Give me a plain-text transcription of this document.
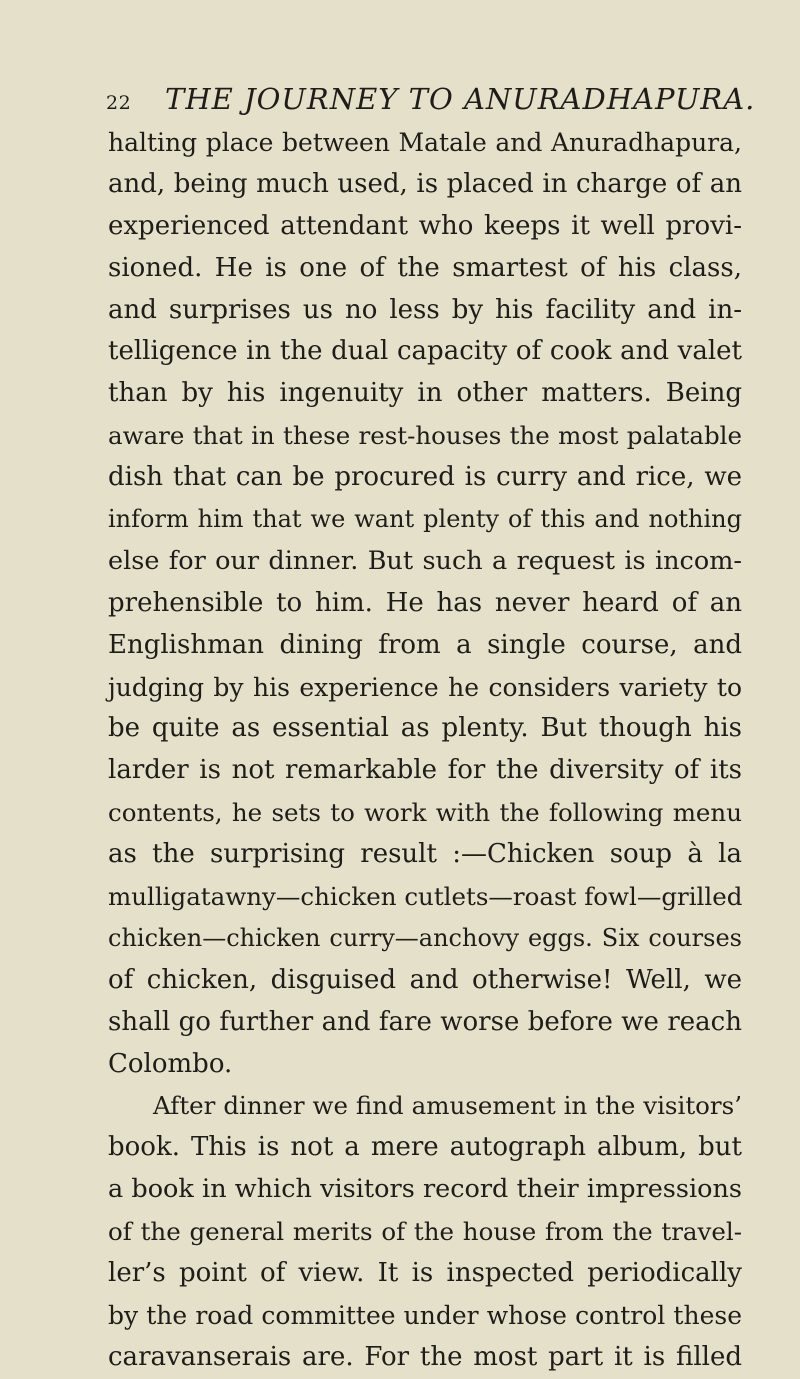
22 THE JOURNEY TO ANURADHAPURA.
halting place between Matale and Anuradhapura,
and, being much used, is placed in charge of an
experienced attendant who keeps it well provi-
sioned. He is one of the smartest of his class,
and surprises us no less by his facility and in-
telligence in the dual capacity of cook and valet
than by his ingenuity in other matters. Being
aware that in these rest-houses the most palatable
dish that can be procured is curry and rice, we
inform him that we want plenty of this and nothing
else for our dinner. But such a request is incom-
prehensible to him. He has never heard of an
Englishman dining from a single course, and
judging by his experience he considers variety to
be quite as essential as plenty. But though his
larder is not remarkable for the diversity of its
contents, he sets to work with the following menu
as the surprising result :—Chicken soup à la
mulligatawny—chicken cutlets—roast fowl—grilled
chicken—chicken curry—anchovy eggs. Six courses
of chicken, disguised and otherwise! Well, we
shall go further and fare worse before we reach
Colombo.
After dinner we find amusement in the visitors’
book. This is not a mere autograph album, but
a book in which visitors record their impressions
of the general merits of the house from the travel-
ler’s point of view. It is inspected periodically
by the road committee under whose control these
caravanserais are. For the most part it is filled
